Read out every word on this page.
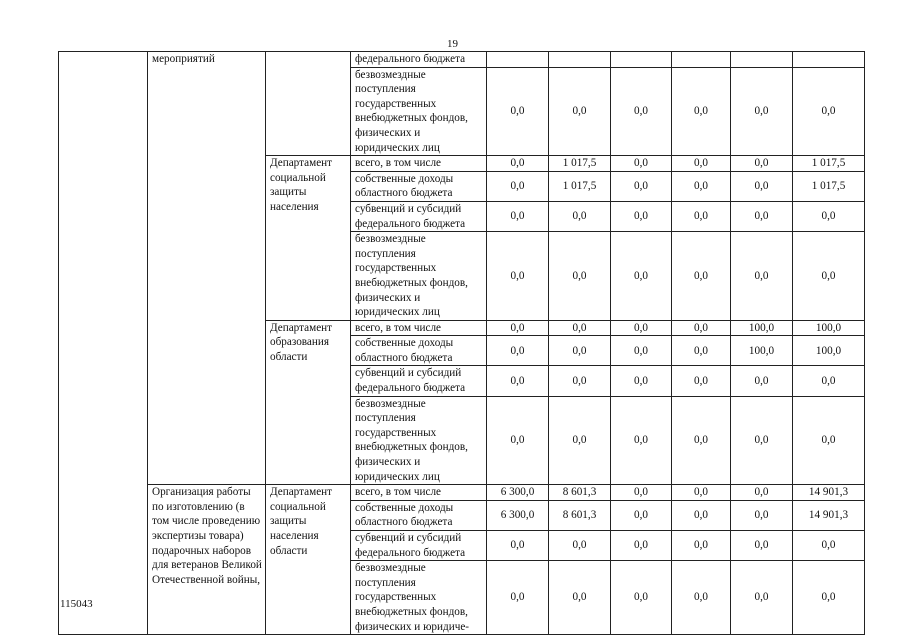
19
	мероприятий		федерального бюджета						
			безвозмездные поступления государственных внебюджетных фондов, физических и юридических лиц	0,0	0,0	0,0	0,0	0,0	0,0
		Департамент социальной защиты населения	всего, в том числе	0,0	1 017,5	0,0	0,0	0,0	1 017,5
			собственные доходы областного бюджета	0,0	1 017,5	0,0	0,0	0,0	1 017,5
			субвенций и субсидий федерального бюджета	0,0	0,0	0,0	0,0	0,0	0,0
			безвозмездные поступления государственных внебюджетных фондов, физических и юридических лиц	0,0	0,0	0,0	0,0	0,0	0,0
		Департамент образования области	всего, в том числе	0,0	0,0	0,0	0,0	100,0	100,0
			собственные доходы областного бюджета	0,0	0,0	0,0	0,0	100,0	100,0
			субвенций и субсидий федерального бюджета	0,0	0,0	0,0	0,0	0,0	0,0
			безвозмездные поступления государственных внебюджетных фондов, физических и юридических лиц	0,0	0,0	0,0	0,0	0,0	0,0
	Организация работы по изготовлению (в том числе проведению экспертизы товара) подарочных наборов для ветеранов Великой Отечественной войны,	Департамент социальной защиты населения области	всего, в том числе	6 300,0	8 601,3	0,0	0,0	0,0	14 901,3
			собственные доходы областного бюджета	6 300,0	8 601,3	0,0	0,0	0,0	14 901,3
			субвенций и субсидий федерального бюджета	0,0	0,0	0,0	0,0	0,0	0,0
			безвозмездные поступления государственных внебюджетных фондов, физических и юридиче-	0,0	0,0	0,0	0,0	0,0	0,0
115043
